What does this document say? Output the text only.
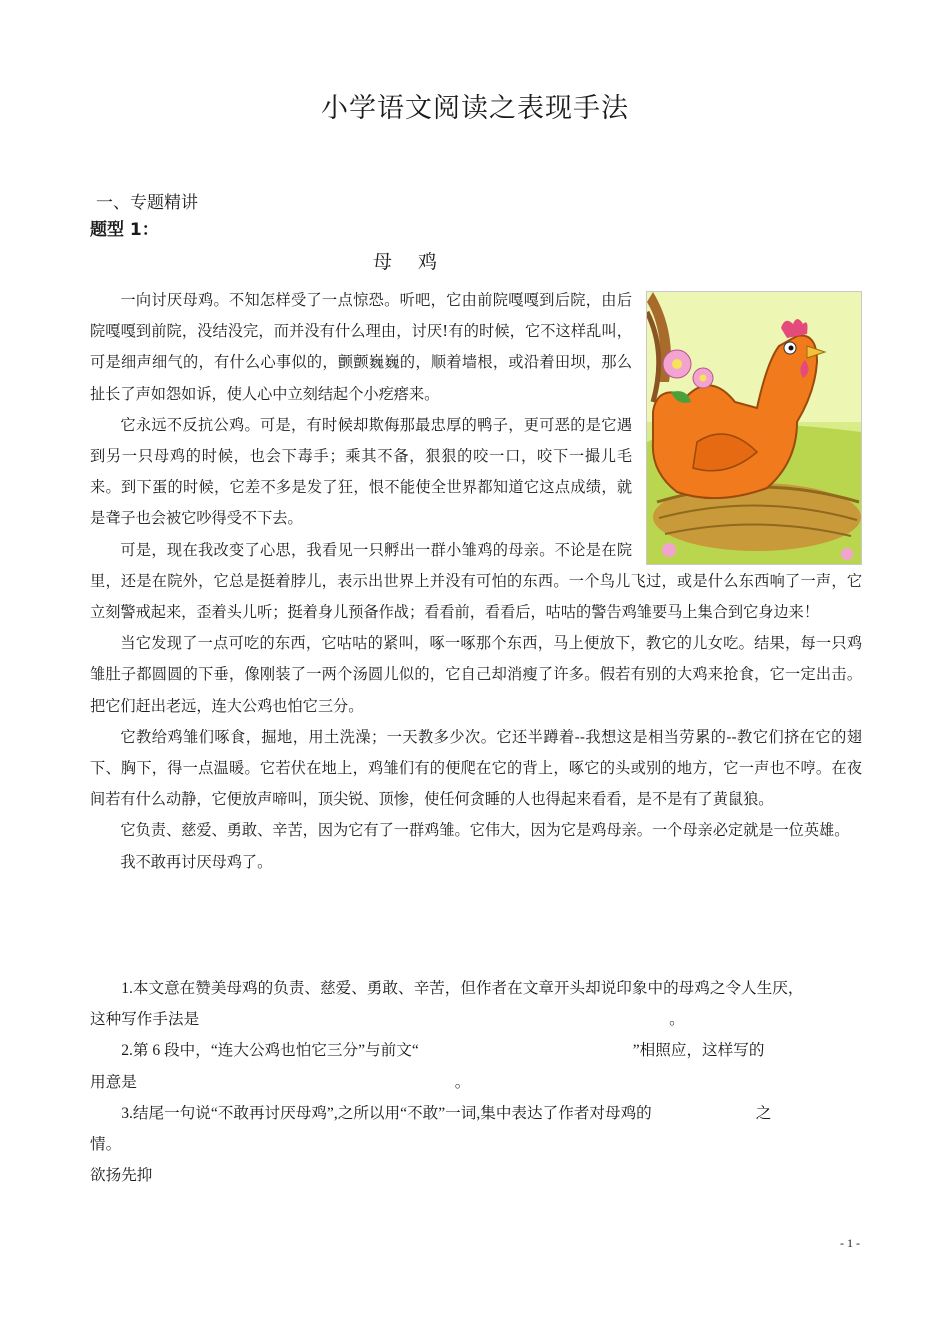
小学语文阅读之表现手法
一、专题精讲
题型 1：
母 鸡

一向讨厌母鸡。不知怎样受了一点惊恐。听吧，它由前院嘎嘎到后院，由后院嘎嘎到前院，没结没完，而并没有什么理由，讨厌!有的时候，它不这样乱叫，可是细声细气的，有什么心事似的，颤颤巍巍的，顺着墙根，或沿着田坝，那么扯长了声如怨如诉，使人心中立刻结起个小疙瘩来。

它永远不反抗公鸡。可是，有时候却欺侮那最忠厚的鸭子，更可恶的是它遇到另一只母鸡的时候，也会下毒手；乘其不备，狠狠的咬一口，咬下一撮儿毛来。到下蛋的时候，它差不多是发了狂，恨不能使全世界都知道它这点成绩，就是聋子也会被它吵得受不下去。

可是，现在我改变了心思，我看见一只孵出一群小雏鸡的母亲。不论是在院里，还是在院外，它总是挺着脖儿，表示出世界上并没有可怕的东西。一个鸟儿飞过，或是什么东西响了一声，它立刻警戒起来，歪着头儿听；挺着身儿预备作战；看看前，看看后，咕咕的警告鸡雏要马上集合到它身边来！

当它发现了一点可吃的东西，它咕咕的紧叫，啄一啄那个东西，马上便放下，教它的儿女吃。结果，每一只鸡雏肚子都圆圆的下垂，像刚装了一两个汤圆儿似的，它自己却消瘦了许多。假若有别的大鸡来抢食，它一定出击。把它们赶出老远，连大公鸡也怕它三分。

它教给鸡雏们啄食，掘地，用土洗澡；一天教多少次。它还半蹲着--我想这是相当劳累的--教它们挤在它的翅下、胸下，得一点温暖。它若伏在地上，鸡雏们有的便爬在它的背上，啄它的头或别的地方，它一声也不哼。在夜间若有什么动静，它便放声啼叫，顶尖锐、顶惨，使任何贪睡的人也得起来看看，是不是有了黄鼠狼。

它负责、慈爱、勇敢、辛苦，因为它有了一群鸡雏。它伟大，因为它是鸡母亲。一个母亲必定就是一位英雄。

我不敢再讨厌母鸡了。

1.本文意在赞美母鸡的负责、慈爱、勇敢、辛苦，但作者在文章开头却说印象中的母鸡之令人生厌，
这种写作手法是	。
2.第 6 段中，“连大公鸡也怕它三分”与前文“	”相照应，这样写的
用意是	。
3.结尾一句说“不敢再讨厌母鸡”,之所以用“不敢”一词,集中表达了作者对母鸡的	之
情。
欲扬先抑
- 1 -
